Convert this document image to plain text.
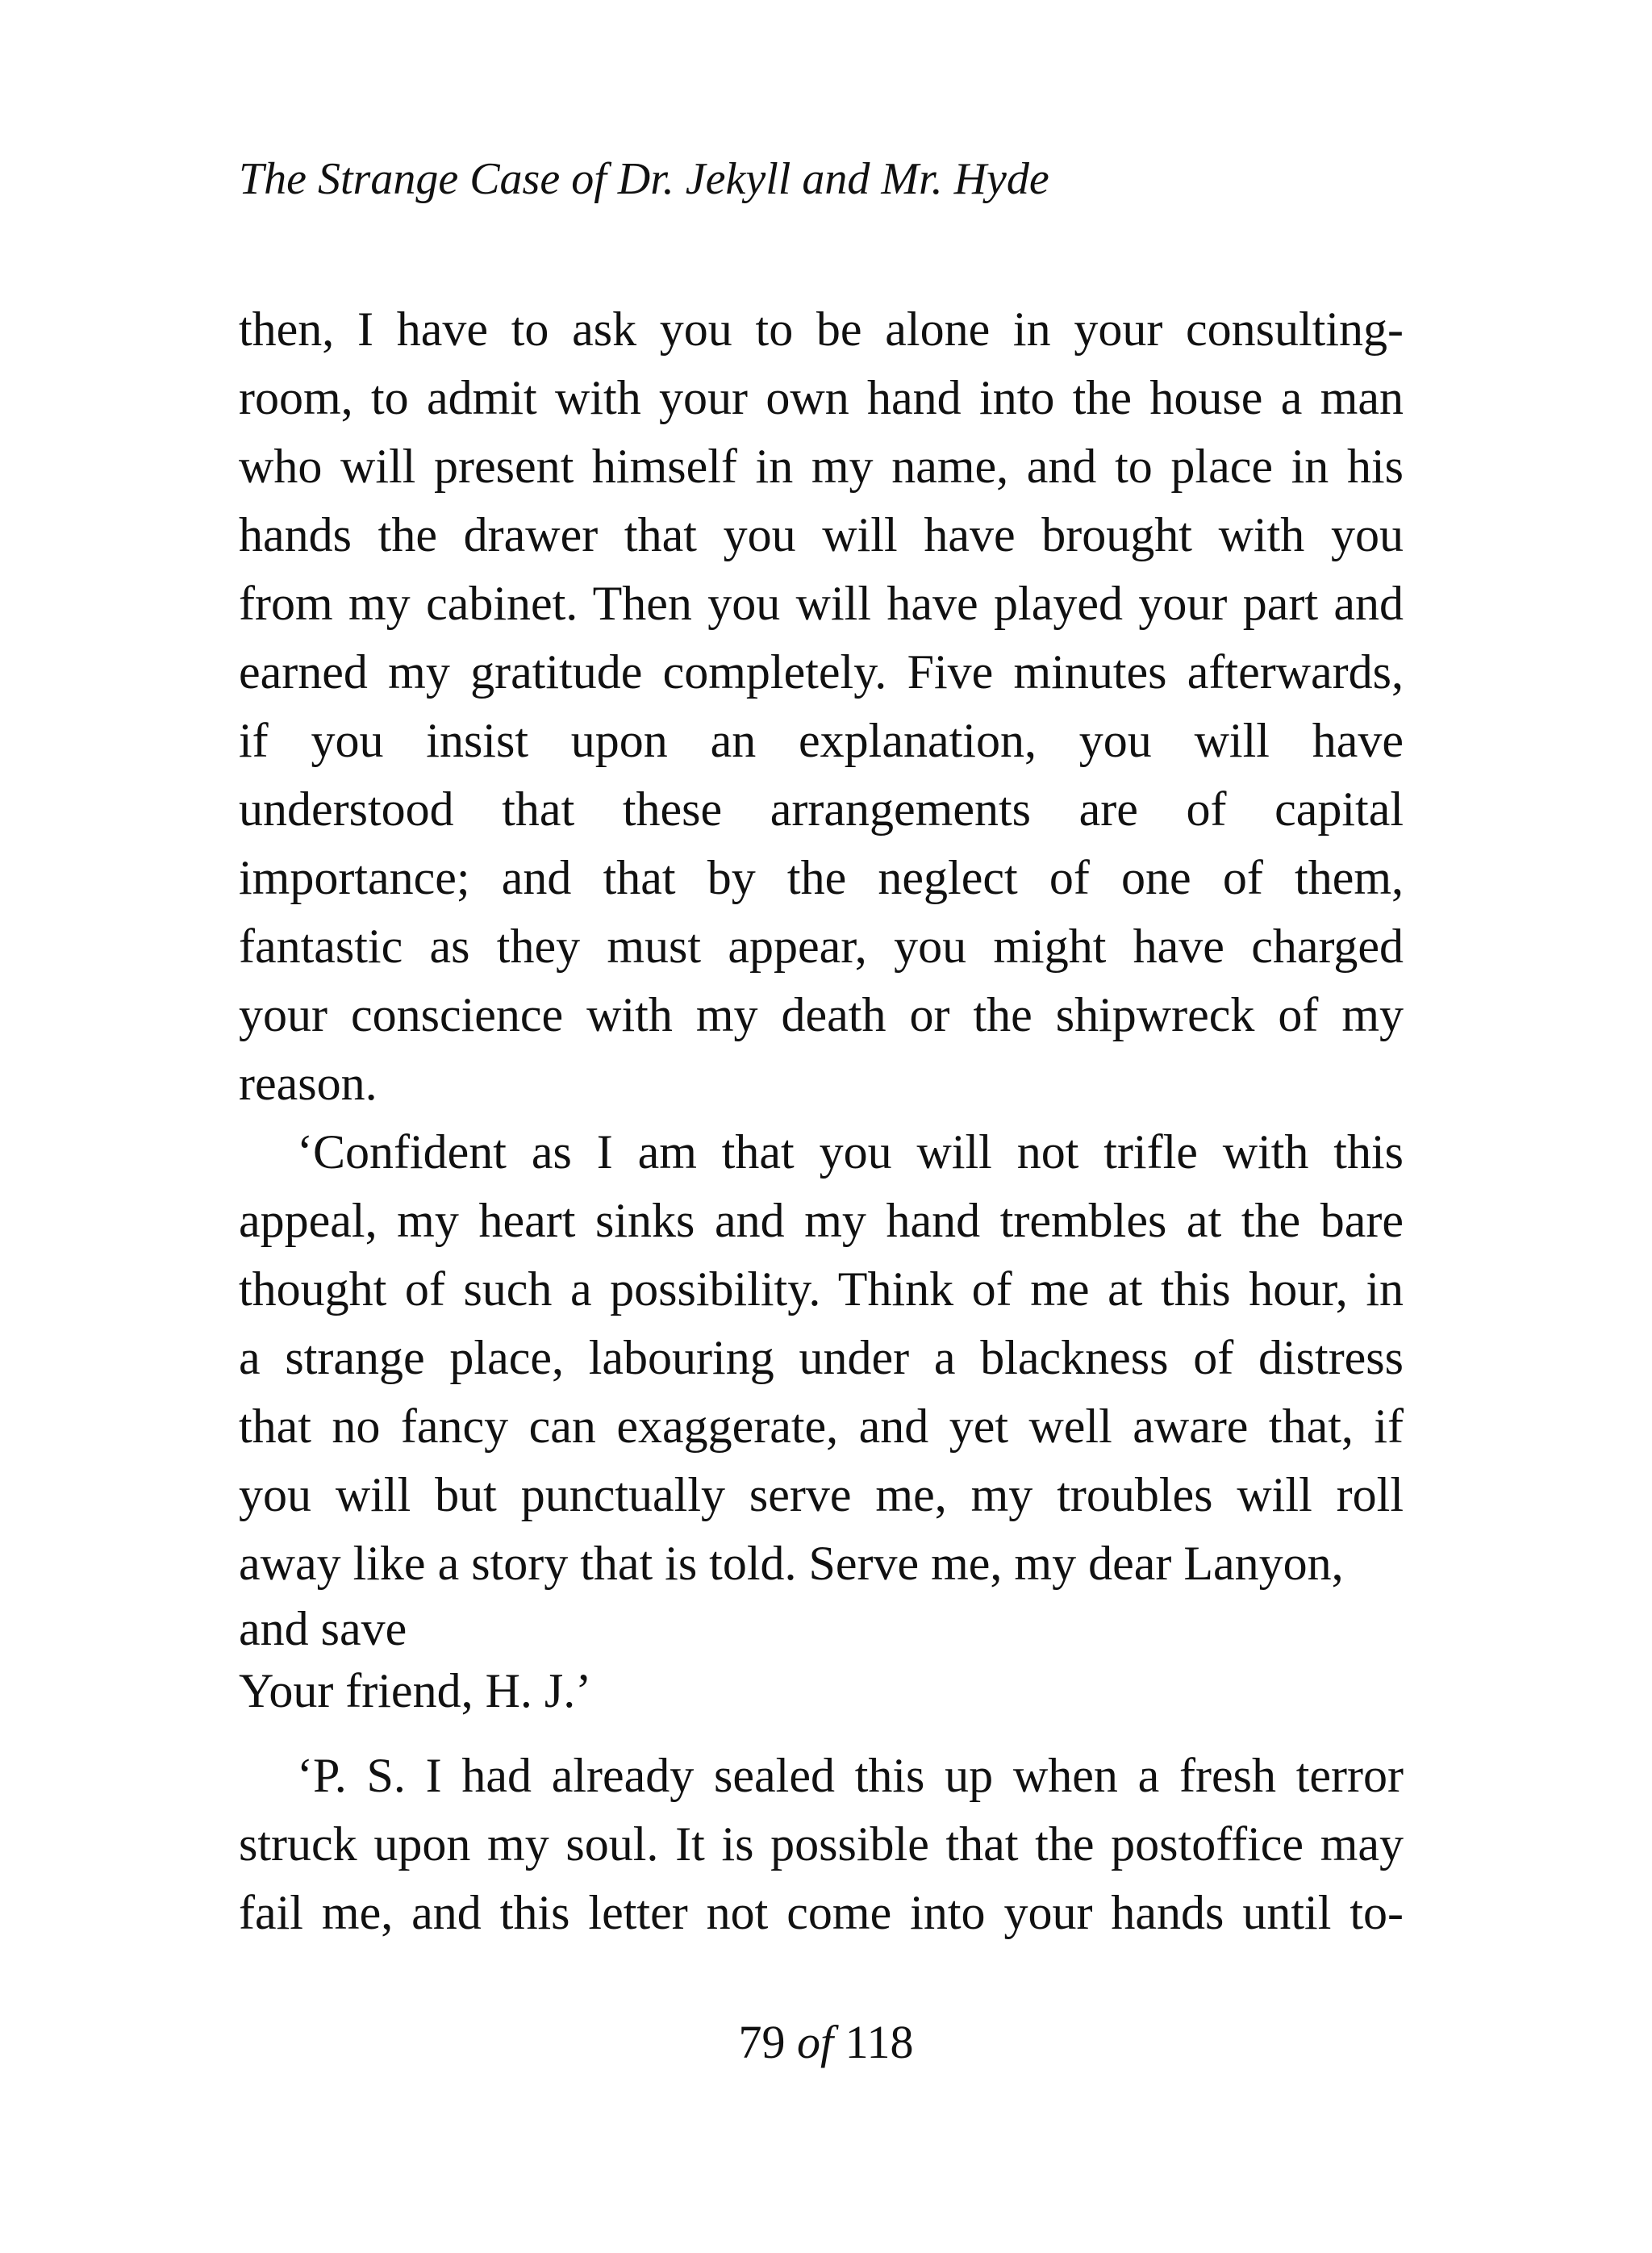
The Strange Case of Dr. Jekyll and Mr. Hyde
then, I have to ask you to be alone in your consulting-
room, to admit with your own hand into the house a man
who will present himself in my name, and to place in his
hands the drawer that you will have brought with you
from my cabinet. Then you will have played your part and
earned my gratitude completely. Five minutes afterwards,
if you insist upon an explanation, you will have
understood that these arrangements are of capital
importance; and that by the neglect of one of them,
fantastic as they must appear, you might have charged
your conscience with my death or the shipwreck of my
reason.
‘Confident as I am that you will not trifle with this
appeal, my heart sinks and my hand trembles at the bare
thought of such a possibility. Think of me at this hour, in
a strange place, labouring under a blackness of distress
that no fancy can exaggerate, and yet well aware that, if
you will but punctually serve me, my troubles will roll
away like a story that is told. Serve me, my dear Lanyon,
and save
Your friend, H. J.’
‘P. S. I had already sealed this up when a fresh terror
struck upon my soul. It is possible that the postoffice may
fail me, and this letter not come into your hands until to-
79 of 118
